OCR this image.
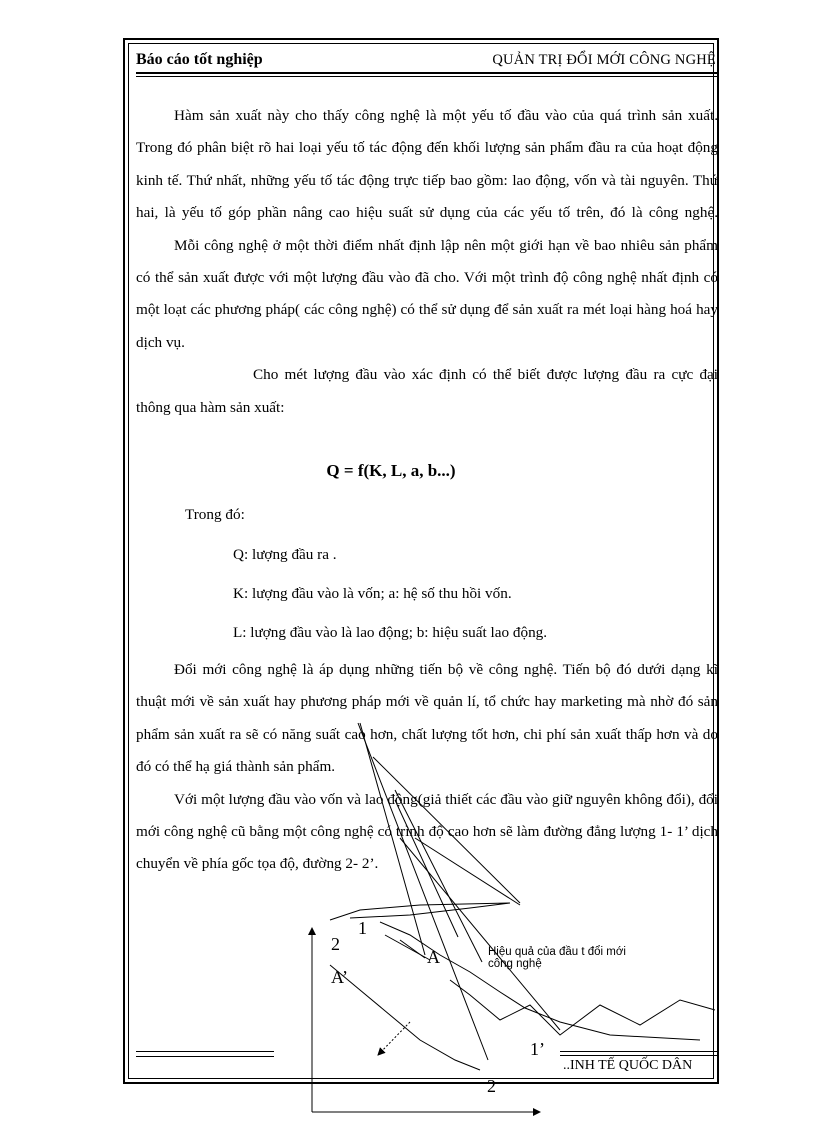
Báo cáo tốt nghiệp	QUẢN TRỊ ĐỔI MỚI CÔNG NGHỆ

Hàm sản xuất này cho thấy công nghệ là một yếu tố đầu vào của quá trình sản xuất. Trong đó phân biệt rõ hai loại yếu tố tác động đến khối lượng sản phẩm đầu ra của hoạt động kinh tế. Thứ nhất, những yếu tố tác động trực tiếp bao gồm: lao động, vốn và tài nguyên. Thứ hai, là yếu tố góp phần nâng cao hiệu suất sử dụng của các yếu tố trên, đó là công nghệ.

Mỗi công nghệ ở một thời điểm nhất định lập nên một giới hạn về bao nhiêu sản phẩm có thể sản xuất được với một lượng đầu vào đã cho. Với một trình độ công nghệ nhất định có một loạt các phương pháp( các công nghệ) có thể sử dụng để sản xuất ra mét loại hàng hoá hay dịch vụ.

Cho mét lượng đầu vào xác định có thể biết được lượng đầu ra cực đại thông qua hàm sản xuất:

Q = f(K, L, a, b...)
Trong đó:
Q: lượng đầu ra .
K: lượng đầu vào là vốn; a: hệ số thu hồi vốn.
L: lượng đầu vào là lao động; b: hiệu suất lao động.

Đổi mới công nghệ là áp dụng những tiến bộ về công nghệ. Tiến bộ đó dưới dạng kĩ thuật mới về sản xuất hay phương pháp mới về quản lí, tổ chức hay marketing mà nhờ đó sản phẩm sản xuất ra sẽ có năng suất cao hơn, chất lượng tốt hơn, chi phí sản xuất thấp hơn và do đó có thể hạ giá thành sản phẩm.

Với một lượng đầu vào vốn và lao động(giả thiết các đầu vào giữ nguyên không đổi), đổi mới công nghệ cũ bằng một công nghệ có trình độ cao hơn sẽ làm đường đẳng lượng 1- 1’ dịch chuyển về phía gốc tọa độ, đường 2- 2’.

..INH TẾ QUỐC DÂN
1
2
A
A’
1’
2
Hiệu quả của đầu t đổi mới
công nghệ
